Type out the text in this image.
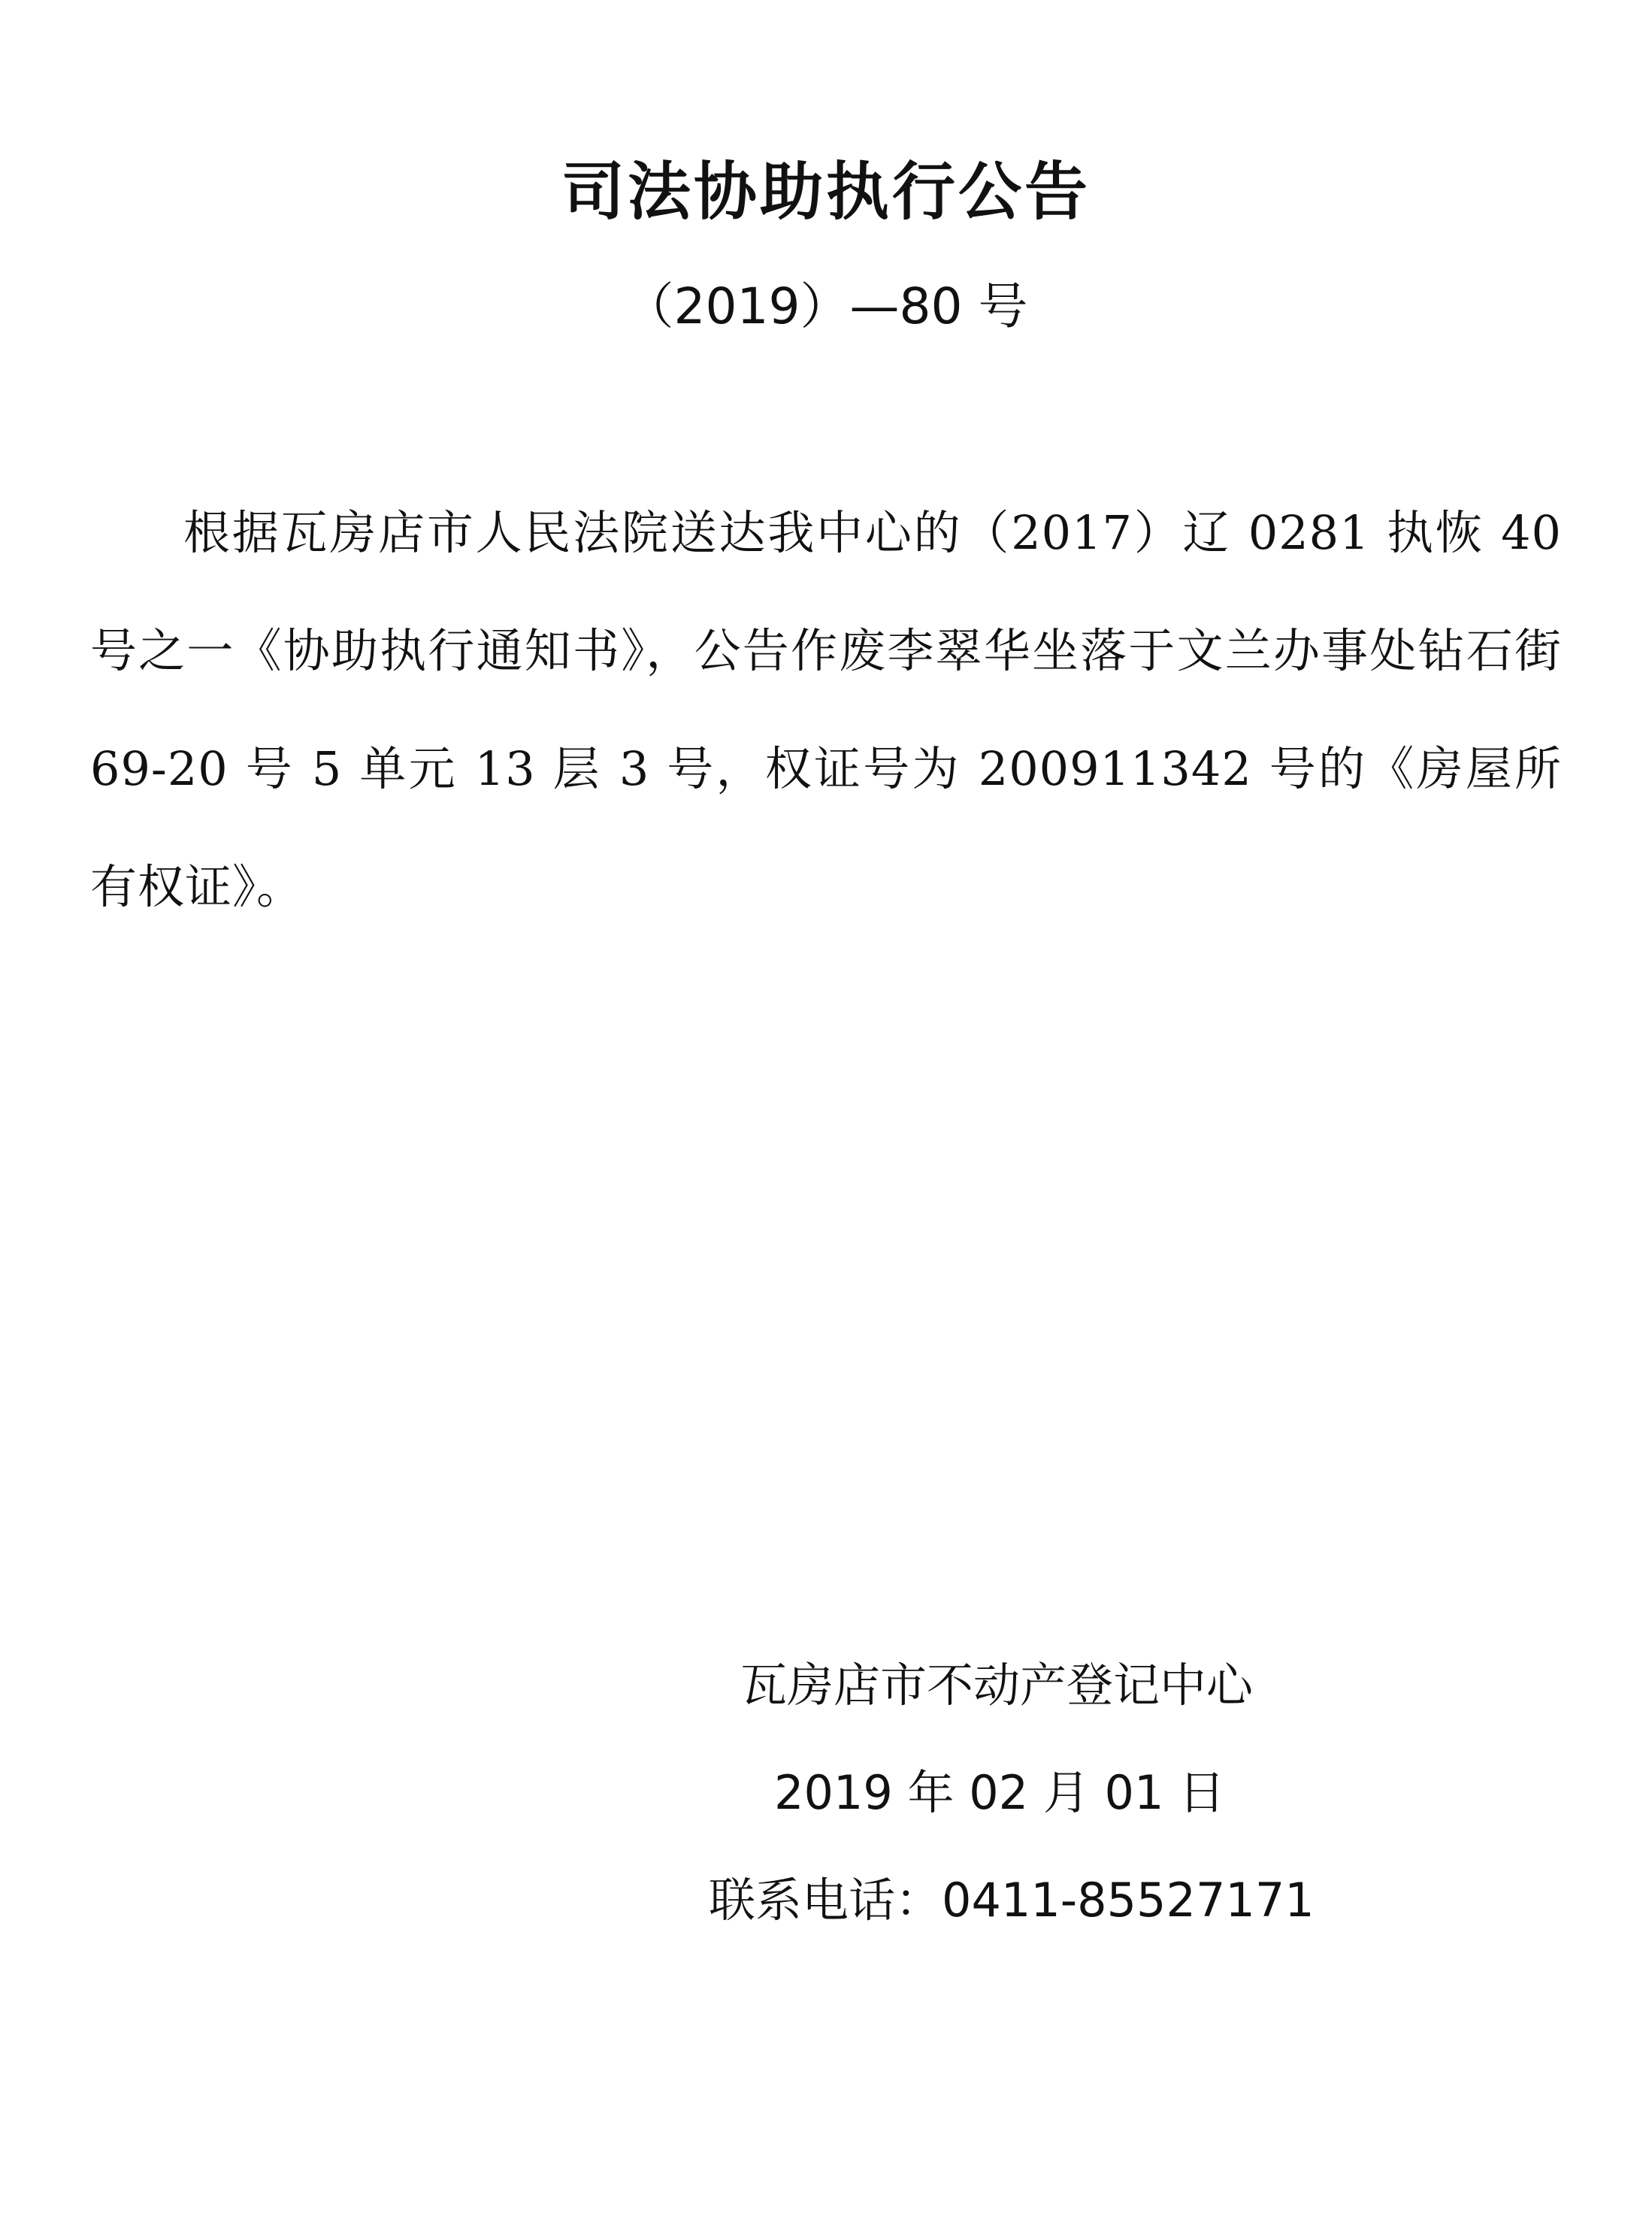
司法协助执行公告
（2019）—80 号
根据瓦房店市人民法院送达我中心的（2017）辽 0281 执恢 40 号之一《协助执行通知书》，公告作废李翠华坐落于文兰办事处钻石街 69-20 号 5 单元 13 层 3 号，权证号为 200911342 号的《房屋所有权证》。
瓦房店市不动产登记中心
2019 年 02 月 01 日
联系电话：0411-85527171
